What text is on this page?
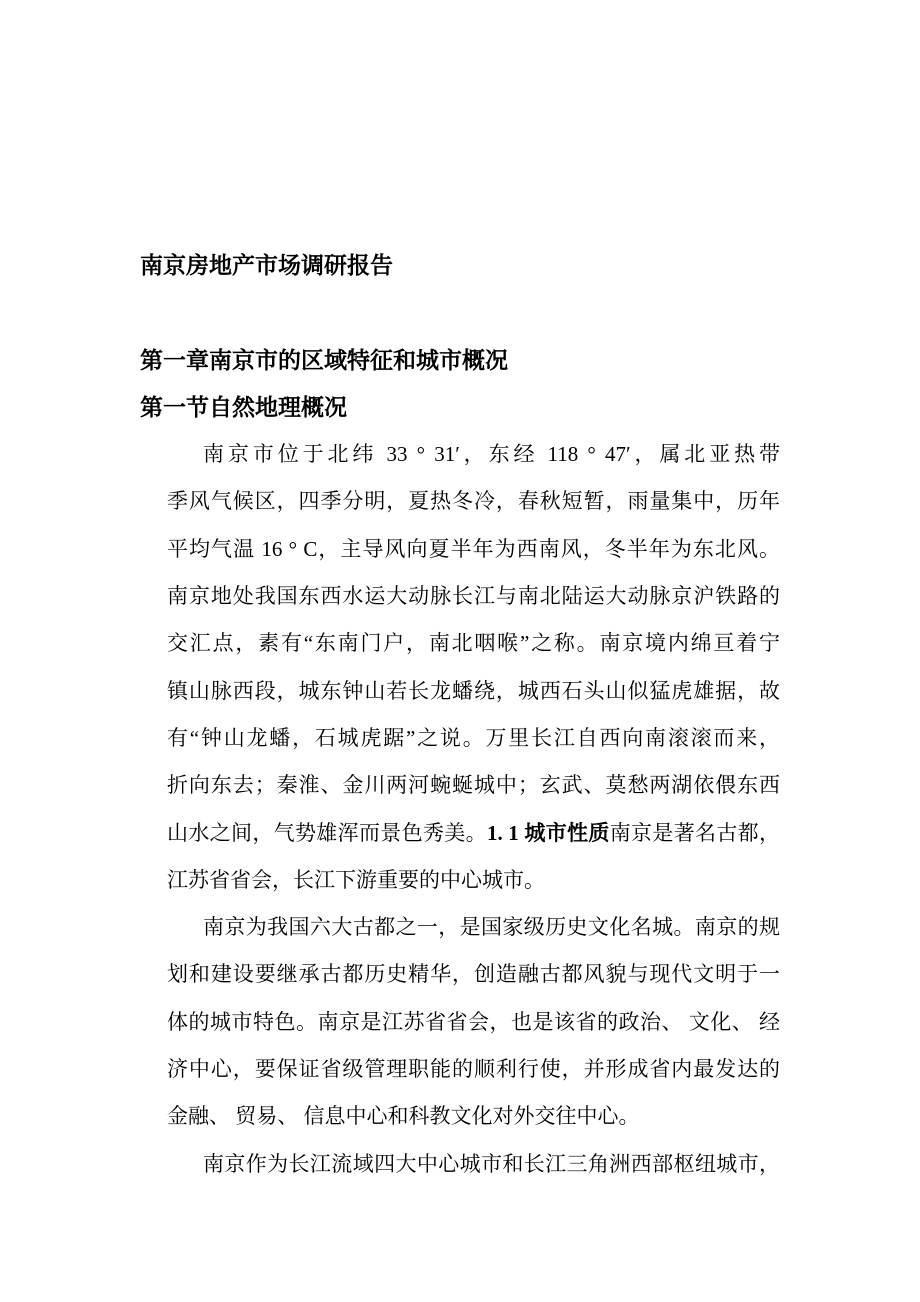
南京房地产市场调研报告
第一章南京市的区域特征和城市概况
第一节自然地理概况
南京市位于北纬 33 ° 31′，东经 118 ° 47′，属北亚热带
季风气候区，四季分明，夏热冬冷，春秋短暂，雨量集中，历年
平均气温 16 ° C，主导风向夏半年为西南风，冬半年为东北风。
南京地处我国东西水运大动脉长江与南北陆运大动脉京沪铁路的
交汇点，素有“东南门户，南北咽喉”之称。南京境内绵亘着宁
镇山脉西段，城东钟山若长龙蟠绕，城西石头山似猛虎雄据，故
有“钟山龙蟠，石城虎踞”之说。万里长江自西向南滚滚而来，
折向东去；秦淮、金川两河蜿蜒城中；玄武、莫愁两湖依偎东西
山水之间，气势雄浑而景色秀美。1. 1 城市性质南京是著名古都，
江苏省省会，长江下游重要的中心城市。
南京为我国六大古都之一，是国家级历史文化名城。南京的规
划和建设要继承古都历史精华，创造融古都风貌与现代文明于一
体的城市特色。南京是江苏省省会，也是该省的政治、 文化、 经
济中心，要保证省级管理职能的顺利行使，并形成省内最发达的
金融、 贸易、 信息中心和科教文化对外交往中心。
南京作为长江流域四大中心城市和长江三角洲西部枢纽城市，
